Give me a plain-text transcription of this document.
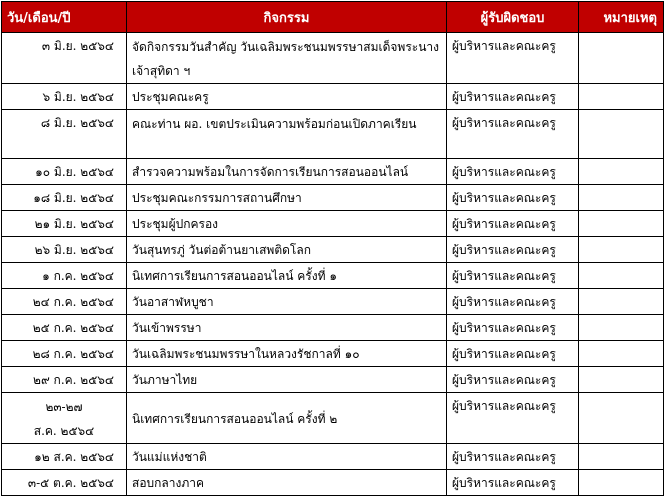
วัน/เดือน/ปี	กิจกรรม	ผู้รับผิดชอบ	หมายเหตุ

๓ มิ.ย. ๒๕๖๔	จัดกิจกรรมวันสำคัญ วันเฉลิมพระชนมพรรษาสมเด็จพระนางเจ้าสุทิดา ฯ	ผู้บริหารและคณะครู	

๖ มิ.ย. ๒๕๖๔	ประชุมคณะครู	ผู้บริหารและคณะครู	

๘ มิ.ย. ๒๕๖๔	คณะท่าน ผอ. เขตประเมินความพร้อมก่อนเปิดภาคเรียน	ผู้บริหารและคณะครู	

๑๐ มิ.ย. ๒๕๖๔	สำรวจความพร้อมในการจัดการเรียนการสอนออนไลน์	ผู้บริหารและคณะครู	

๑๘ มิ.ย. ๒๕๖๔	ประชุมคณะกรรมการสถานศึกษา	ผู้บริหารและคณะครู	

๒๑ มิ.ย. ๒๕๖๔	ประชุมผู้ปกครอง	ผู้บริหารและคณะครู	

๒๖ มิ.ย. ๒๕๖๔	วันสุนทรภู่ วันต่อต้านยาเสพติดโลก	ผู้บริหารและคณะครู	

๑ ก.ค. ๒๕๖๔	นิเทศการเรียนการสอนออนไลน์ ครั้งที่ ๑	ผู้บริหารและคณะครู	

๒๔ ก.ค. ๒๕๖๔	วันอาสาฬหบูชา	ผู้บริหารและคณะครู	

๒๕ ก.ค. ๒๕๖๔	วันเข้าพรรษา	ผู้บริหารและคณะครู	

๒๘ ก.ค. ๒๕๖๔	วันเฉลิมพระชนมพรรษาในหลวงรัชกาลที่ ๑๐	ผู้บริหารและคณะครู	

๒๙ ก.ค. ๒๕๖๔	วันภาษาไทย	ผู้บริหารและคณะครู	

๒๓-๒๗
ส.ค. ๒๕๖๔	นิเทศการเรียนการสอนออนไลน์ ครั้งที่ ๒	ผู้บริหารและคณะครู	

๑๒ ส.ค. ๒๕๖๔	วันแม่แห่งชาติ	ผู้บริหารและคณะครู	

๓-๕ ต.ค. ๒๕๖๔	สอบกลางภาค	ผู้บริหารและคณะครู	
